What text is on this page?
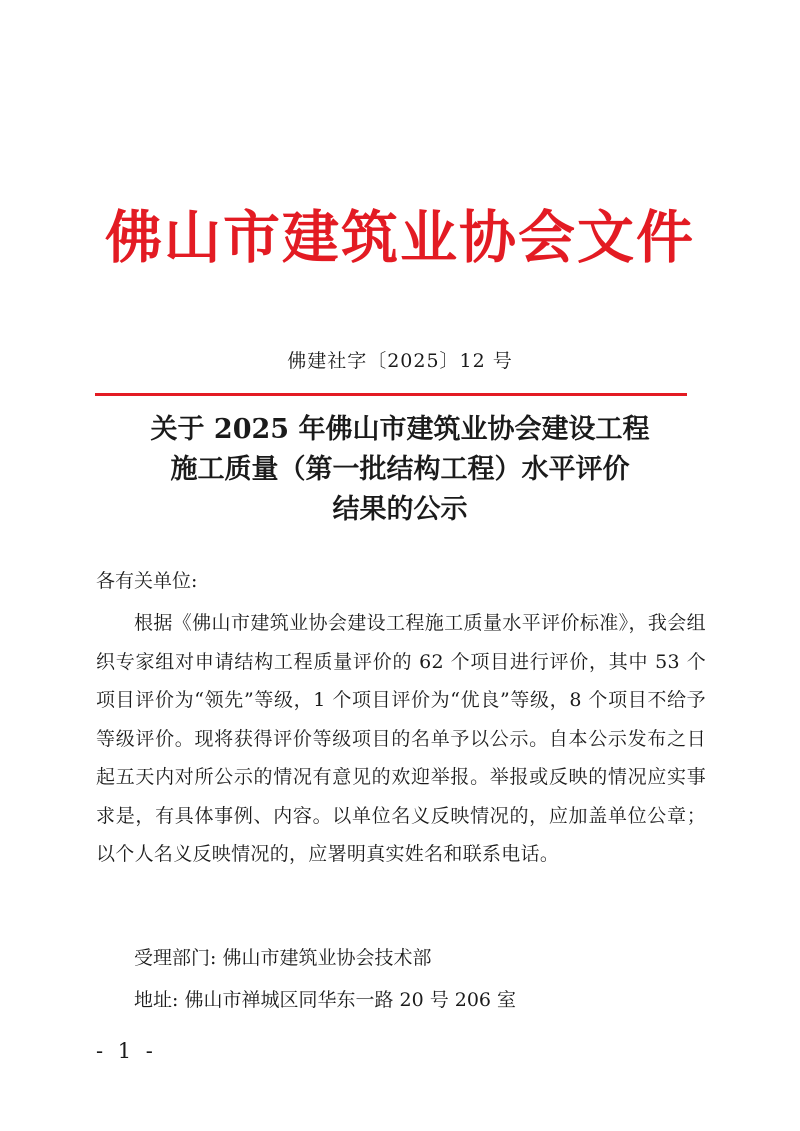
佛山市建筑业协会文件
佛建社字〔2025〕12 号
关于 2025 年佛山市建筑业协会建设工程
施工质量（第一批结构工程）水平评价
结果的公示
各有关单位:

根据《佛山市建筑业协会建设工程施工质量水平评价标准》，我会组织专家组对申请结构工程质量评价的 62 个项目进行评价，其中 53 个项目评价为“领先”等级，1 个项目评价为“优良”等级，8 个项目不给予等级评价。现将获得评价等级项目的名单予以公示。自本公示发布之日起五天内对所公示的情况有意见的欢迎举报。举报或反映的情况应实事求是，有具体事例、内容。以单位名义反映情况的，应加盖单位公章；以个人名义反映情况的，应署明真实姓名和联系电话。

受理部门: 佛山市建筑业协会技术部
地址: 佛山市禅城区同华东一路 20 号 206 室
- 1 -
